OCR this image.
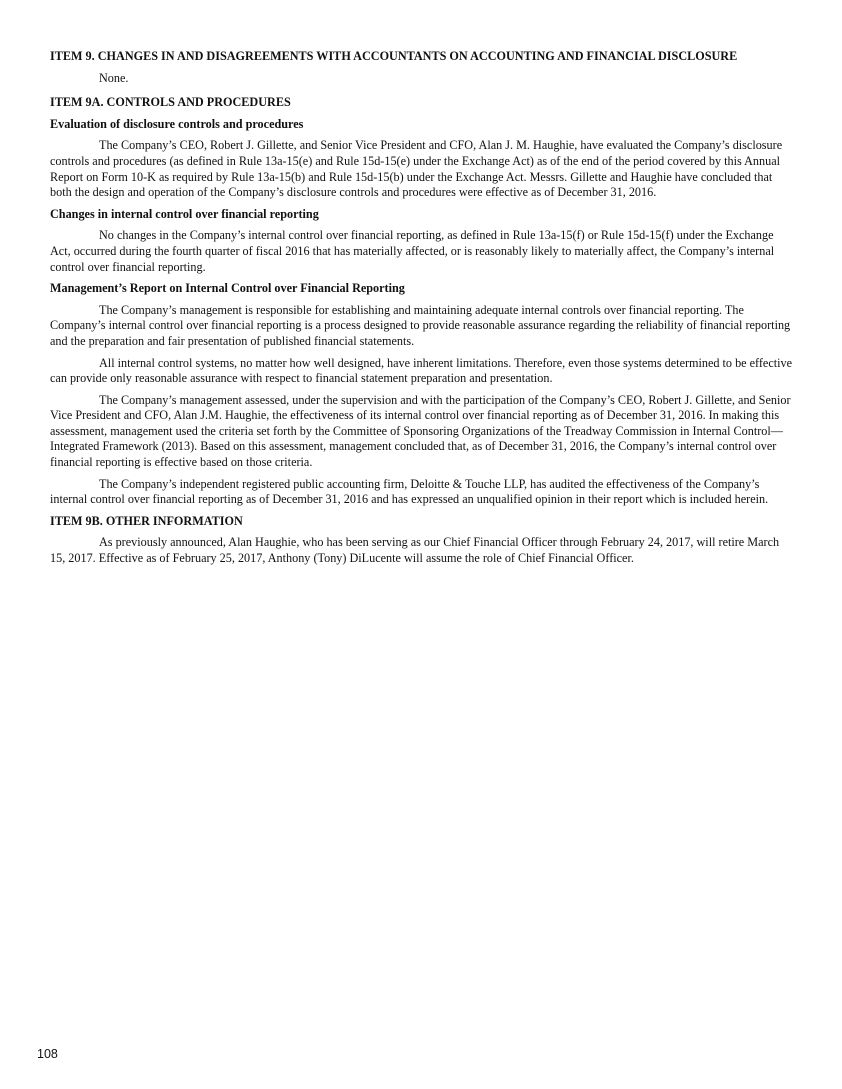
ITEM 9. CHANGES IN AND DISAGREEMENTS WITH ACCOUNTANTS ON ACCOUNTING AND FINANCIAL DISCLOSURE

None.

ITEM 9A. CONTROLS AND PROCEDURES
Evaluation of disclosure controls and procedures

The Company’s CEO, Robert J. Gillette, and Senior Vice President and CFO, Alan J. M. Haughie, have evaluated the Company’s disclosure controls and procedures (as defined in Rule 13a-15(e) and Rule 15d-15(e) under the Exchange Act) as of the end of the period covered by this Annual Report on Form 10-K as required by Rule 13a-15(b) and Rule 15d-15(b) under the Exchange Act. Messrs. Gillette and Haughie have concluded that both the design and operation of the Company’s disclosure controls and procedures were effective as of December 31, 2016.

Changes in internal control over financial reporting

No changes in the Company’s internal control over financial reporting, as defined in Rule 13a-15(f) or Rule 15d-15(f) under the Exchange Act, occurred during the fourth quarter of fiscal 2016 that has materially affected, or is reasonably likely to materially affect, the Company’s internal control over financial reporting.

Management’s Report on Internal Control over Financial Reporting

The Company’s management is responsible for establishing and maintaining adequate internal controls over financial reporting. The Company’s internal control over financial reporting is a process designed to provide reasonable assurance regarding the reliability of financial reporting and the preparation and fair presentation of published financial statements.

All internal control systems, no matter how well designed, have inherent limitations. Therefore, even those systems determined to be effective can provide only reasonable assurance with respect to financial statement preparation and presentation.

The Company’s management assessed, under the supervision and with the participation of the Company’s CEO, Robert J. Gillette, and Senior Vice President and CFO, Alan J.M. Haughie, the effectiveness of its internal control over financial reporting as of December 31, 2016. In making this assessment, management used the criteria set forth by the Committee of Sponsoring Organizations of the Treadway Commission in Internal Control—Integrated Framework (2013). Based on this assessment, management concluded that, as of December 31, 2016, the Company’s internal control over financial reporting is effective based on those criteria.

The Company’s independent registered public accounting firm, Deloitte & Touche LLP, has audited the effectiveness of the Company’s internal control over financial reporting as of December 31, 2016 and has expressed an unqualified opinion in their report which is included herein.

ITEM 9B. OTHER INFORMATION

As previously announced, Alan Haughie, who has been serving as our Chief Financial Officer through February 24, 2017, will retire March 15, 2017. Effective as of February 25, 2017, Anthony (Tony) DiLucente will assume the role of Chief Financial Officer.

108
